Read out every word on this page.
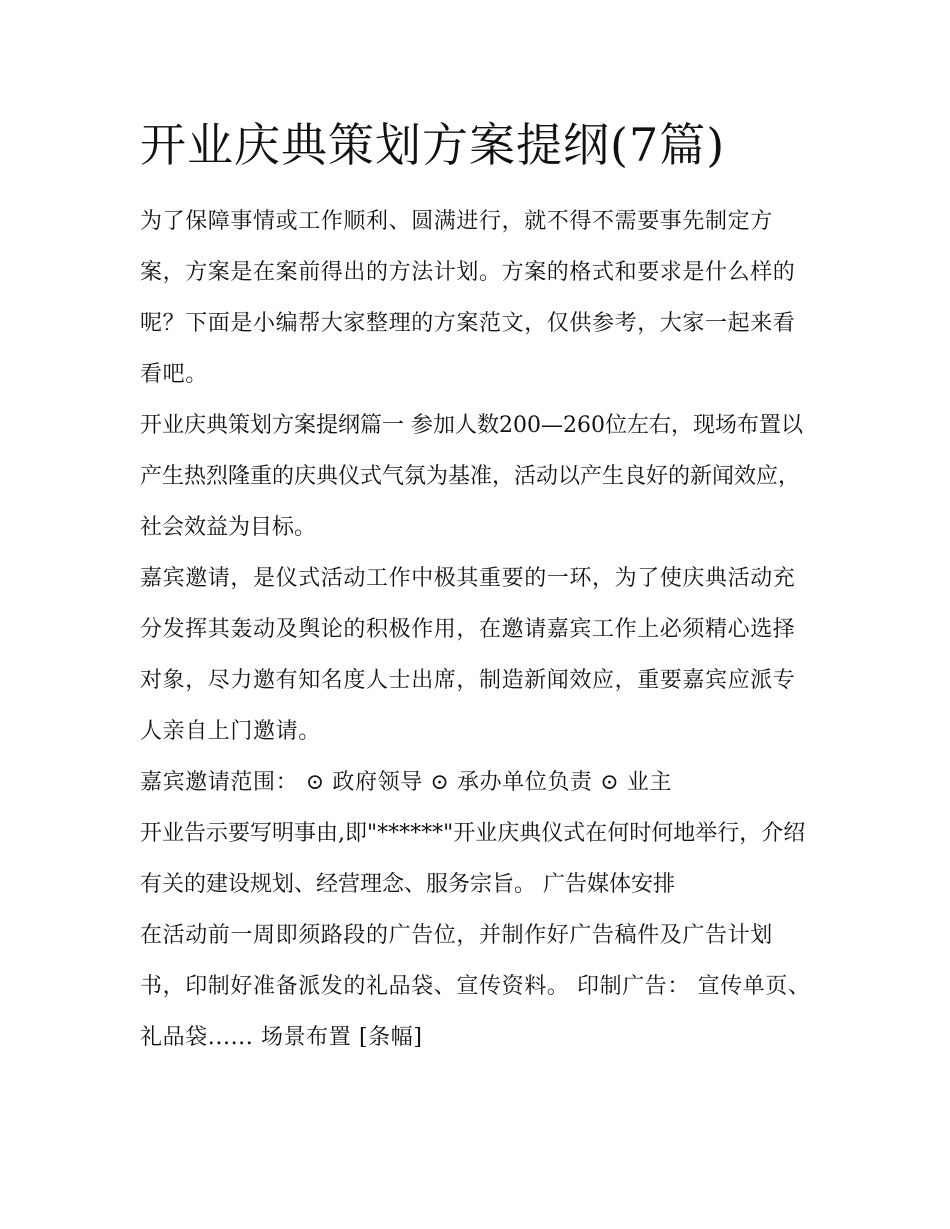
开业庆典策划方案提纲(7篇)

为了保障事情或工作顺利、圆满进行，就不得不需要事先制定方案，方案是在案前得出的方法计划。方案的格式和要求是什么样的呢？下面是小编帮大家整理的方案范文，仅供参考，大家一起来看看吧。

开业庆典策划方案提纲篇一 参加人数200—260位左右，现场布置以产生热烈隆重的庆典仪式气氛为基准，活动以产生良好的新闻效应，社会效益为目标。

嘉宾邀请，是仪式活动工作中极其重要的一环，为了使庆典活动充分发挥其轰动及舆论的积极作用，在邀请嘉宾工作上必须精心选择对象，尽力邀有知名度人士出席，制造新闻效应，重要嘉宾应派专人亲自上门邀请。

嘉宾邀请范围： ⊙ 政府领导 ⊙ 承办单位负责 ⊙ 业主

开业告示要写明事由,即"******"开业庆典仪式在何时何地举行，介绍有关的建设规划、经营理念、服务宗旨。 广告媒体安排

在活动前一周即须路段的广告位，并制作好广告稿件及广告计划书，印制好准备派发的礼品袋、宣传资料。 印制广告： 宣传单页、礼品袋...... 场景布置 [条幅]
